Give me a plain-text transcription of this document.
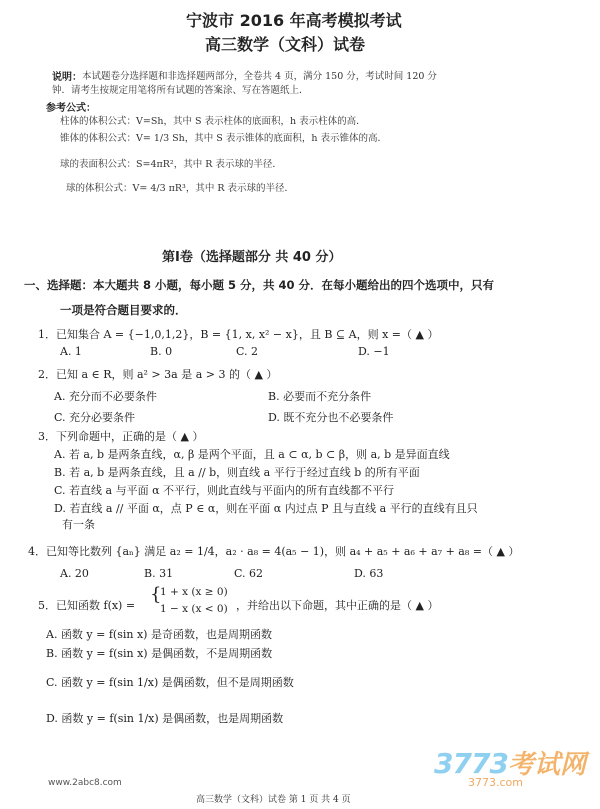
宁波市 2016 年高考模拟考试
高三数学（文科）试卷
说明： 本试题卷分选择题和非选择题两部分，全卷共 4 页，满分 150 分，考试时间 120 分
钟．请考生按规定用笔将所有试题的答案涂、写在答题纸上．
参考公式：
柱体的体积公式：V=Sh，其中 S 表示柱体的底面积，h 表示柱体的高．
锥体的体积公式：V= 1/3 Sh，其中 S 表示锥体的底面积，h 表示锥体的高．
球的表面积公式：S=4πR²，其中 R 表示球的半径．
球的体积公式：V= 4/3 πR³，其中 R 表示球的半径．
第Ⅰ卷（选择题部分 共 40 分）
一、选择题：本大题共 8 小题，每小题 5 分，共 40 分．在每小题给出的四个选项中，只有
一项是符合题目要求的．
1．已知集合 A = {−1,0,1,2}，B = {1, x, x² − x}，且 B ⊆ A，则 x =（ ▲ ）
A. 1	B. 0	C. 2	D. −1
2．已知 a ∈ R，则 a² > 3a 是 a > 3 的（ ▲ ）
A. 充分而不必要条件	B. 必要而不充分条件
C. 充分必要条件	D. 既不充分也不必要条件
3．下列命题中，正确的是（ ▲ ）
A. 若 a, b 是两条直线，α, β 是两个平面，且 a ⊂ α, b ⊂ β，则 a, b 是异面直线
B. 若 a, b 是两条直线，且 a // b，则直线 a 平行于经过直线 b 的所有平面
C. 若直线 a 与平面 α 不平行，则此直线与平面内的所有直线都不平行
D. 若直线 a // 平面 α，点 P ∈ α，则在平面 α 内过点 P 且与直线 a 平行的直线有且只
有一条
4．已知等比数列 {aₙ} 满足 a₂ = 1/4，a₂ · a₈ = 4(a₅ − 1)，则 a₄ + a₅ + a₆ + a₇ + a₈ =（ ▲ ）
A. 20	B. 31	C. 62	D. 63
5．已知函数 f(x) =
{
1 + x (x ≥ 0)
1 − x (x < 0) ，并给出以下命题，其中正确的是（ ▲ ）
A. 函数 y = f(sin x) 是奇函数，也是周期函数
B. 函数 y = f(sin x) 是偶函数，不是周期函数
C. 函数 y = f(sin 1/x) 是偶函数，但不是周期函数
D. 函数 y = f(sin 1/x) 是偶函数，也是周期函数
www.2abc8.com
3773考试网
3773.com
高三数学（文科）试卷 第 1 页 共 4 页
